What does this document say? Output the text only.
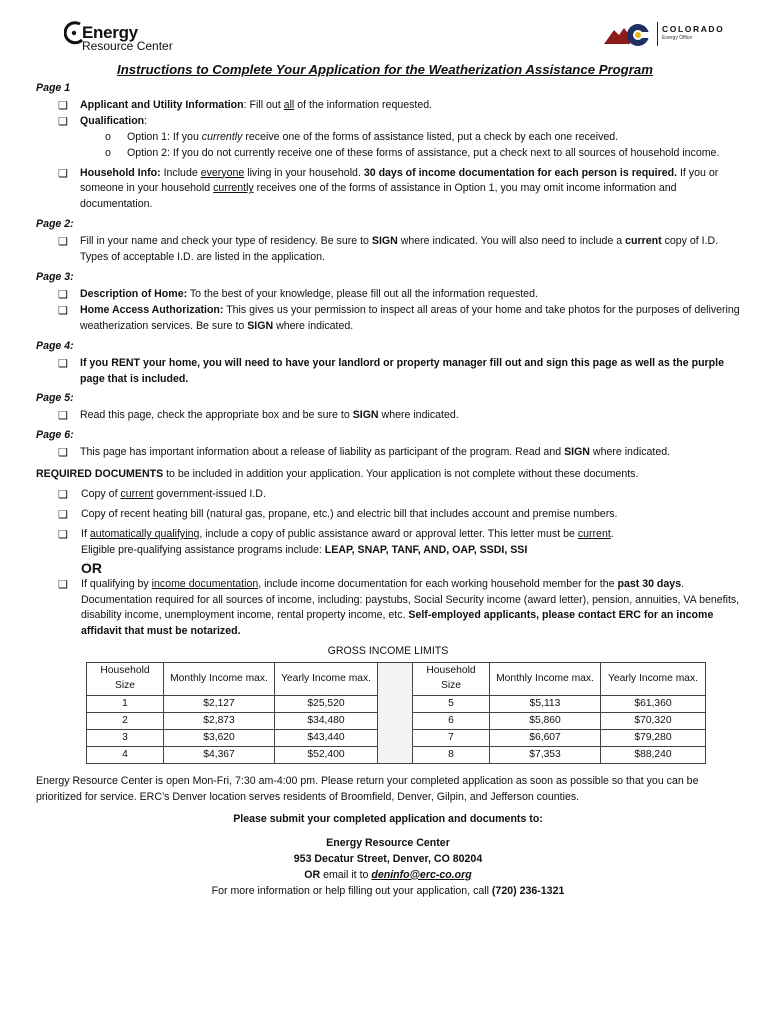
Energy
Resource Center
COLORADO
Energy Office
Instructions to Complete Your Application for the Weatherization Assistance Program
Page 1
❑ Applicant and Utility Information: Fill out all of the information requested.
❑ Qualification:
o Option 1: If you currently receive one of the forms of assistance listed, put a check by each one received.
o Option 2: If you do not currently receive one of these forms of assistance, put a check next to all sources of household income.
❑ Household Info: Include everyone living in your household. 30 days of income documentation for each person is required. If you or someone in your household currently receives one of the forms of assistance in Option 1, you may omit income information and documentation.
Page 2:
❑ Fill in your name and check your type of residency. Be sure to SIGN where indicated. You will also need to include a current copy of I.D. Types of acceptable I.D. are listed in the application.
Page 3:
❑ Description of Home: To the best of your knowledge, please fill out all the information requested.
❑ Home Access Authorization: This gives us your permission to inspect all areas of your home and take photos for the purposes of delivering weatherization services. Be sure to SIGN where indicated.
Page 4:
❑ If you RENT your home, you will need to have your landlord or property manager fill out and sign this page as well as the purple page that is included.
Page 5:
❑ Read this page, check the appropriate box and be sure to SIGN where indicated.
Page 6:
❑ This page has important information about a release of liability as participant of the program. Read and SIGN where indicated.
REQUIRED DOCUMENTS to be included in addition your application. Your application is not complete without these documents.
❑ Copy of current government-issued I.D.
❑ Copy of recent heating bill (natural gas, propane, etc.) and electric bill that includes account and premise numbers.
❑ If automatically qualifying, include a copy of public assistance award or approval letter. This letter must be current.
Eligible pre-qualifying assistance programs include: LEAP, SNAP, TANF, AND, OAP, SSDI, SSI
OR
❑ If qualifying by income documentation, include income documentation for each working household member for the past 30 days. Documentation required for all sources of income, including: paystubs, Social Security income (award letter), pension, annuities, VA benefits, disability income, unemployment income, rental property income, etc. Self-employed applicants, please contact ERC for an income affidavit that must be notarized.
GROSS INCOME LIMITS
Household Size	Monthly Income max.	Yearly Income max.		Household Size	Monthly Income max.	Yearly Income max.
1	$2,127	$25,520		5	$5,113	$61,360
2	$2,873	$34,480		6	$5,860	$70,320
3	$3,620	$43,440		7	$6,607	$79,280
4	$4,367	$52,400		8	$7,353	$88,240
Energy Resource Center is open Mon-Fri, 7:30 am-4:00 pm. Please return your completed application as soon as possible so that you can be prioritized for service. ERC’s Denver location serves residents of Broomfield, Denver, Gilpin, and Jefferson counties.
Please submit your completed application and documents to:
Energy Resource Center
953 Decatur Street, Denver, CO 80204
OR email it to deninfo@erc-co.org
For more information or help filling out your application, call (720) 236-1321
